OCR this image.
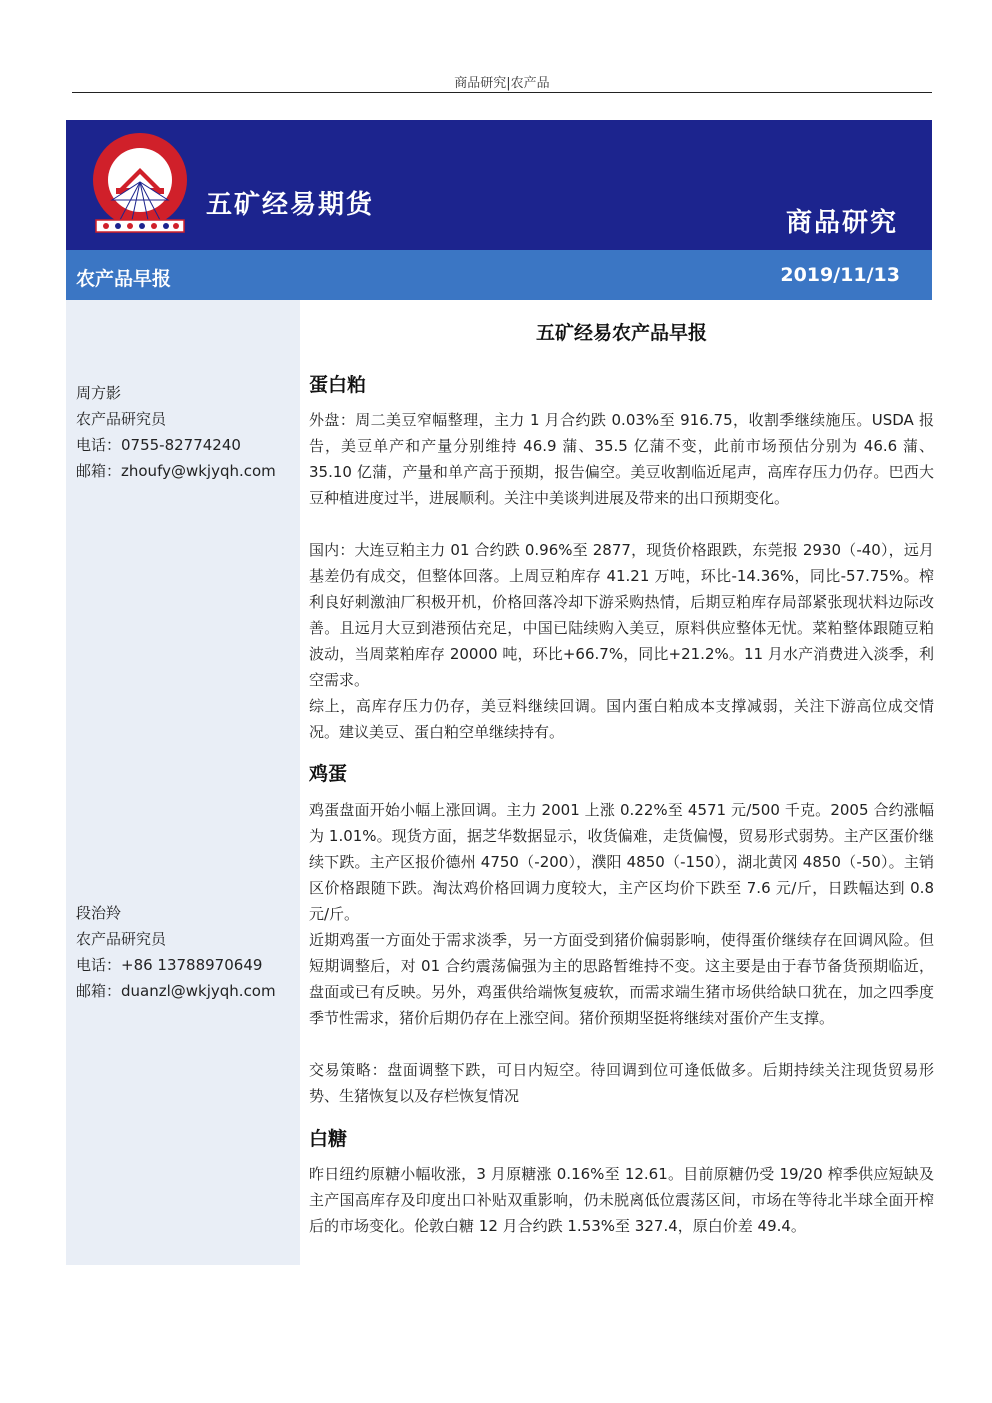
商品研究|农产品
五矿经易期货
商品研究
农产品早报	2019/11/13
周方影
农产品研究员
电话：0755-82774240
邮箱：zhoufy@wkjyqh.com
段治羚
农产品研究员
电话：+86 13788970649
邮箱：duanzl@wkjyqh.com
五矿经易农产品早报
蛋白粕

外盘：周二美豆窄幅整理，主力 1 月合约跌 0.03%至 916.75，收割季继续施压。USDA 报告，美豆单产和产量分别维持 46.9 蒲、35.5 亿蒲不变，此前市场预估分别为 46.6 蒲、35.10 亿蒲，产量和单产高于预期，报告偏空。美豆收割临近尾声，高库存压力仍存。巴西大豆种植进度过半，进展顺利。关注中美谈判进展及带来的出口预期变化。

国内：大连豆粕主力 01 合约跌 0.96%至 2877，现货价格跟跌，东莞报 2930（-40），远月基差仍有成交，但整体回落。上周豆粕库存 41.21 万吨，环比-14.36%，同比-57.75%。榨利良好刺激油厂积极开机，价格回落冷却下游采购热情，后期豆粕库存局部紧张现状料边际改善。且远月大豆到港预估充足，中国已陆续购入美豆，原料供应整体无忧。菜粕整体跟随豆粕波动，当周菜粕库存 20000 吨，环比+66.7%，同比+21.2%。11 月水产消费进入淡季，利空需求。

综上，高库存压力仍存，美豆料继续回调。国内蛋白粕成本支撑减弱，关注下游高位成交情况。建议美豆、蛋白粕空单继续持有。

鸡蛋

鸡蛋盘面开始小幅上涨回调。主力 2001 上涨 0.22%至 4571 元/500 千克。2005 合约涨幅为 1.01%。现货方面，据芝华数据显示，收货偏难，走货偏慢，贸易形式弱势。主产区蛋价继续下跌。主产区报价德州 4750（-200），濮阳 4850（-150），湖北黄冈 4850（-50）。主销区价格跟随下跌。淘汰鸡价格回调力度较大，主产区均价下跌至 7.6 元/斤，日跌幅达到 0.8 元/斤。

近期鸡蛋一方面处于需求淡季，另一方面受到猪价偏弱影响，使得蛋价继续存在回调风险。但短期调整后，对 01 合约震荡偏强为主的思路暂维持不变。这主要是由于春节备货预期临近，盘面或已有反映。另外，鸡蛋供给端恢复疲软，而需求端生猪市场供给缺口犹在，加之四季度季节性需求，猪价后期仍存在上涨空间。猪价预期坚挺将继续对蛋价产生支撑。

交易策略：盘面调整下跌，可日内短空。待回调到位可逢低做多。后期持续关注现货贸易形势、生猪恢复以及存栏恢复情况

白糖

昨日纽约原糖小幅收涨，3 月原糖涨 0.16%至 12.61。目前原糖仍受 19/20 榨季供应短缺及主产国高库存及印度出口补贴双重影响，仍未脱离低位震荡区间，市场在等待北半球全面开榨后的市场变化。伦敦白糖 12 月合约跌 1.53%至 327.4，原白价差 49.4。
